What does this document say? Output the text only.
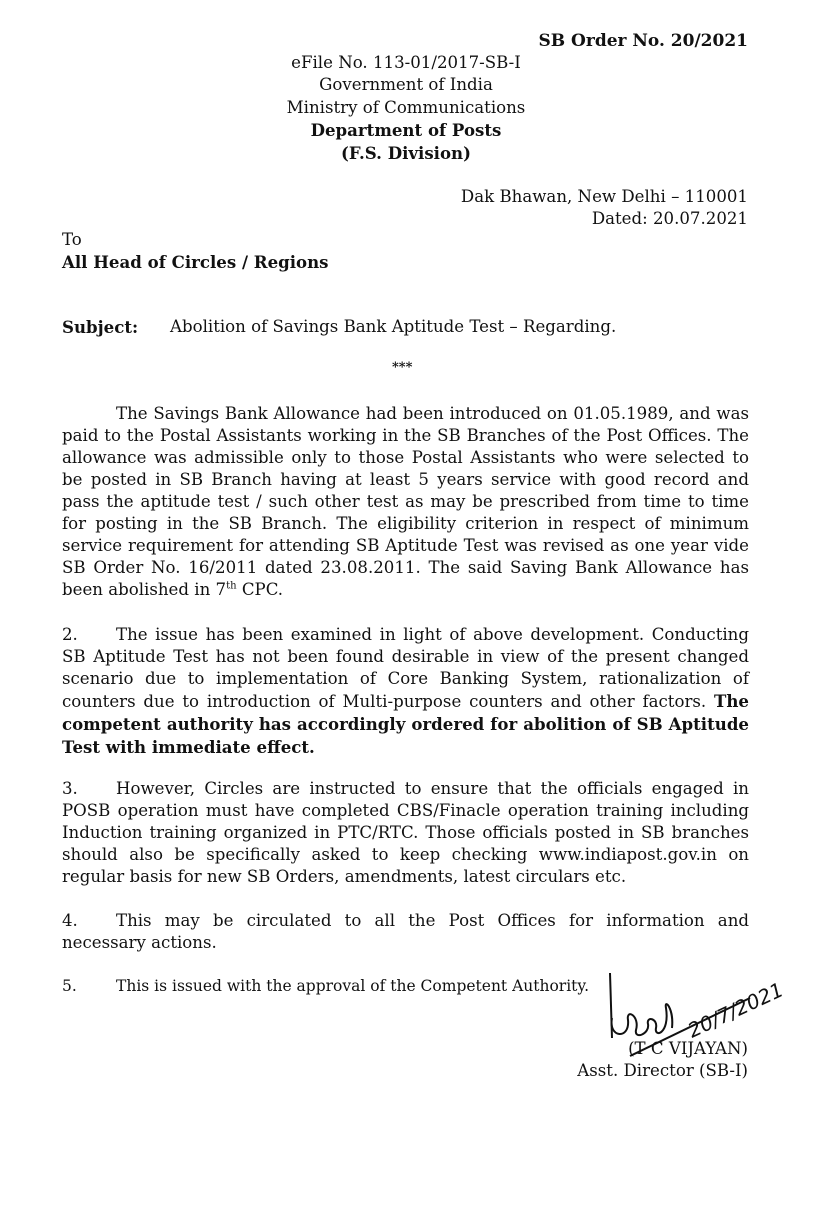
SB Order No. 20/2021
eFile No. 113-01/2017-SB-I
Government of India
Ministry of Communications
Department of Posts
(F.S. Division)
Dak Bhawan, New Delhi – 110001
Dated: 20.07.2021
To
All Head of Circles / Regions
Subject: Abolition of Savings Bank Aptitude Test – Regarding.
***
The Savings Bank Allowance had been introduced on 01.05.1989, and was paid to the Postal Assistants working in the SB Branches of the Post Offices. The allowance was admissible only to those Postal Assistants who were selected to be posted in SB Branch having at least 5 years service with good record and pass the aptitude test / such other test as may be prescribed from time to time for posting in the SB Branch. The eligibility criterion in respect of minimum service requirement for attending SB Aptitude Test was revised as one year vide SB Order No. 16/2011 dated 23.08.2011. The said Saving Bank Allowance has been abolished in 7th CPC.
2. The issue has been examined in light of above development. Conducting SB Aptitude Test has not been found desirable in view of the present changed scenario due to implementation of Core Banking System, rationalization of counters due to introduction of Multi-purpose counters and other factors. The competent authority has accordingly ordered for abolition of SB Aptitude Test with immediate effect.
3. However, Circles are instructed to ensure that the officials engaged in POSB operation must have completed CBS/Finacle operation training including Induction training organized in PTC/RTC. Those officials posted in SB branches should also be specifically asked to keep checking www.indiapost.gov.in on regular basis for new SB Orders, amendments, latest circulars etc.
4. This may be circulated to all the Post Offices for information and necessary actions.
5.	This is issued with the approval of the Competent Authority.	20/7/2021
(T C VIJAYAN)
Asst. Director (SB-I)
